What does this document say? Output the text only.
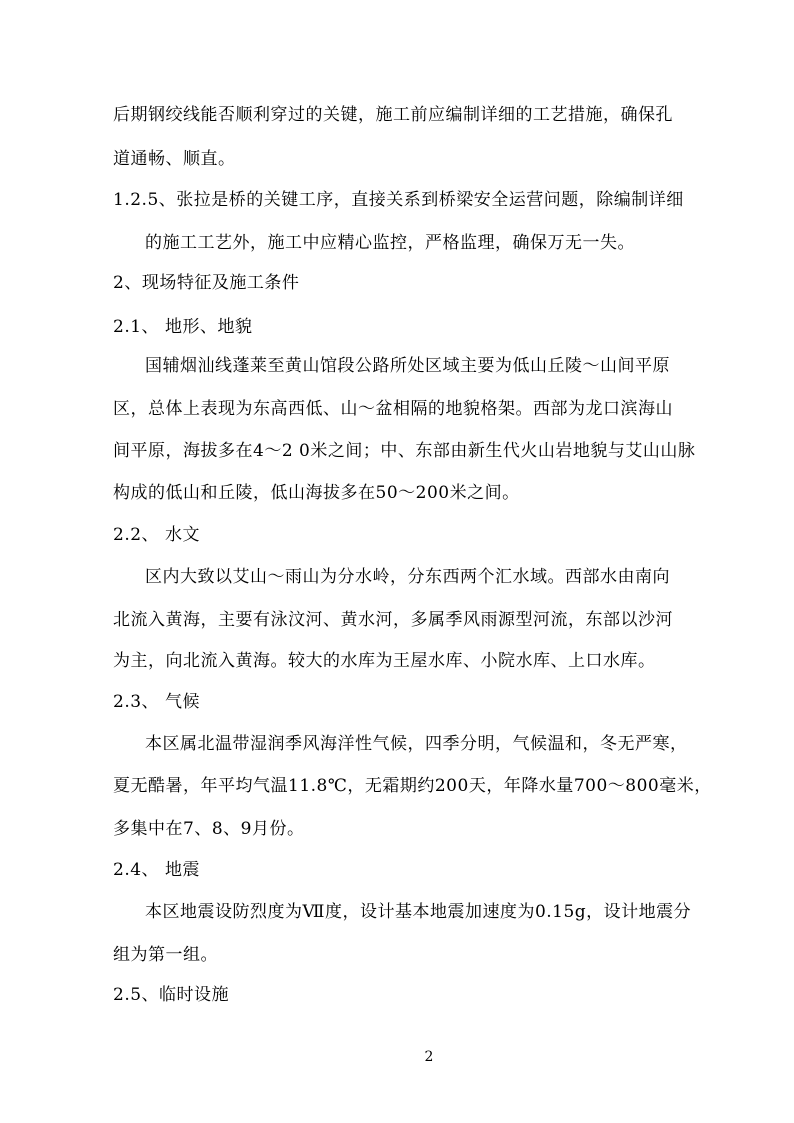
后期钢绞线能否顺利穿过的关键，施工前应编制详细的工艺措施，确保孔
道通畅、顺直。
1.2.5、张拉是桥的关键工序，直接关系到桥梁安全运营问题，除编制详细
的施工工艺外，施工中应精心监控，严格监理，确保万无一失。
2、现场特征及施工条件
2.1、 地形、地貌
国辅烟汕线蓬莱至黄山馆段公路所处区域主要为低山丘陵～山间平原
区，总体上表现为东高西低、山～盆相隔的地貌格架。西部为龙口滨海山
间平原，海拔多在4～2 0米之间；中、东部由新生代火山岩地貌与艾山山脉
构成的低山和丘陵，低山海拔多在50～200米之间。
2.2、 水文
区内大致以艾山～雨山为分水岭，分东西两个汇水域。西部水由南向
北流入黄海，主要有泳汶河、黄水河，多属季风雨源型河流，东部以沙河
为主，向北流入黄海。较大的水库为王屋水库、小院水库、上口水库。
2.3、 气候
本区属北温带湿润季风海洋性气候，四季分明，气候温和，冬无严寒，
夏无酷暑，年平均气温11.8℃，无霜期约200天，年降水量700～800毫米，
多集中在7、8、9月份。
2.4、 地震
本区地震设防烈度为Ⅶ度，设计基本地震加速度为0.15g，设计地震分
组为第一组。
2.5、临时设施
2
